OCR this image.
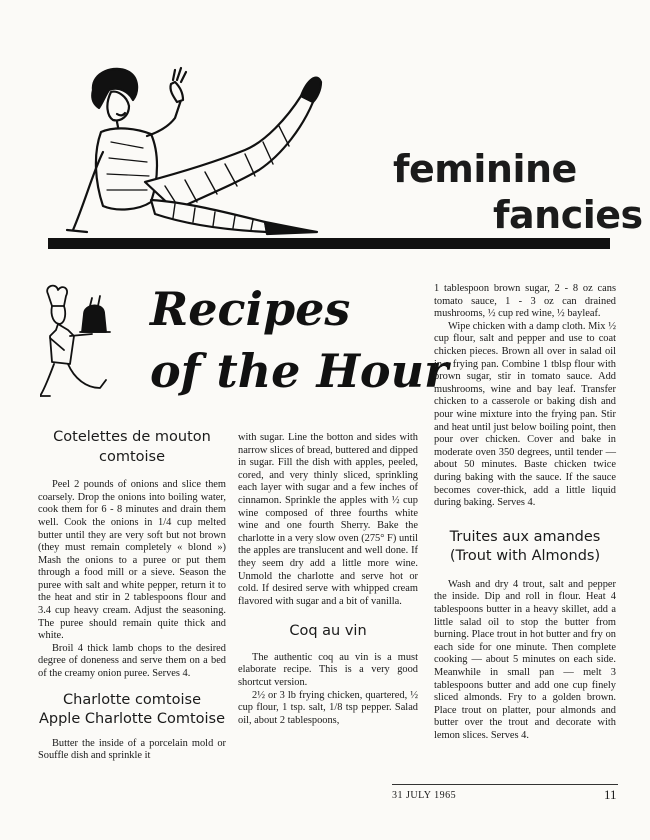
feminine
fancies
Recipes
of the Hour
Cotelettes de mouton comtoise

Peel 2 pounds of onions and slice them coarsely. Drop the onions into boiling water, cook them for 6 - 8 minutes and drain them well. Cook the onions in 1/4 cup melted butter until they are very soft but not brown (they must remain completely « blond ») Mash the onions to a puree or put them through a food mill or a sieve. Season the puree with salt and white pepper, return it to the heat and stir in 2 tablespoons flour and 3.4 cup heavy cream. Adjust the seasoning. The puree should remain quite thick and white.

Broil 4 thick lamb chops to the desired degree of doneness and serve them on a bed of the creamy onion puree. Serves 4.

Charlotte comtoise
Apple Charlotte Comtoise

Butter the inside of a porcelain mold or Souffle dish and sprinkle it

with sugar. Line the botton and sides with narrow slices of bread, buttered and dipped in sugar. Fill the dish with apples, peeled, cored, and very thinly sliced, sprinkling each layer with sugar and a few inches of cinnamon. Sprinkle the apples with ½ cup wine composed of three fourths white wine and one fourth Sherry. Bake the charlotte in a very slow oven (275° F) until the apples are translucent and well done. If they seem dry add a little more wine. Unmold the charlotte and serve hot or cold. If desired serve with whipped cream flavored with sugar and a bit of vanilla.

Coq au vin

The authentic coq au vin is a must elaborate recipe. This is a very good shortcut version.

2½ or 3 lb frying chicken, quartered, ½ cup flour, 1 tsp. salt, 1/8 tsp pepper. Salad oil, about 2 tablespoons,

1 tablespoon brown sugar, 2 - 8 oz cans tomato sauce, 1 - 3 oz can drained mushrooms, ½ cup red wine, ½ bayleaf.

Wipe chicken with a damp cloth. Mix ½ cup flour, salt and pepper and use to coat chicken pieces. Brown all over in salad oil in a frying pan. Combine 1 tblsp flour with brown sugar, stir in tomato sauce. Add mushrooms, wine and bay leaf. Transfer chicken to a casserole or baking dish and pour wine mixture into the frying pan. Stir and heat until just below boiling point, then pour over chicken. Cover and bake in moderate oven 350 degrees, until tender — about 50 minutes. Baste chicken twice during baking with the sauce. If the sauce becomes cover-thick, add a little liquid during baking. Serves 4.

Truites aux amandes
(Trout with Almonds)

Wash and dry 4 trout, salt and pepper the inside. Dip and roll in flour. Heat 4 tablespoons butter in a heavy skillet, add a little salad oil to stop the butter from burning. Place trout in hot butter and fry on each side for one minute. Then complete cooking — about 5 minutes on each side. Meanwhile in small pan — melt 3 tablespoons butter and add one cup finely sliced almonds. Fry to a golden brown. Place trout on platter, pour almonds and butter over the trout and decorate with lemon slices. Serves 4.

31 JULY 1965	11
